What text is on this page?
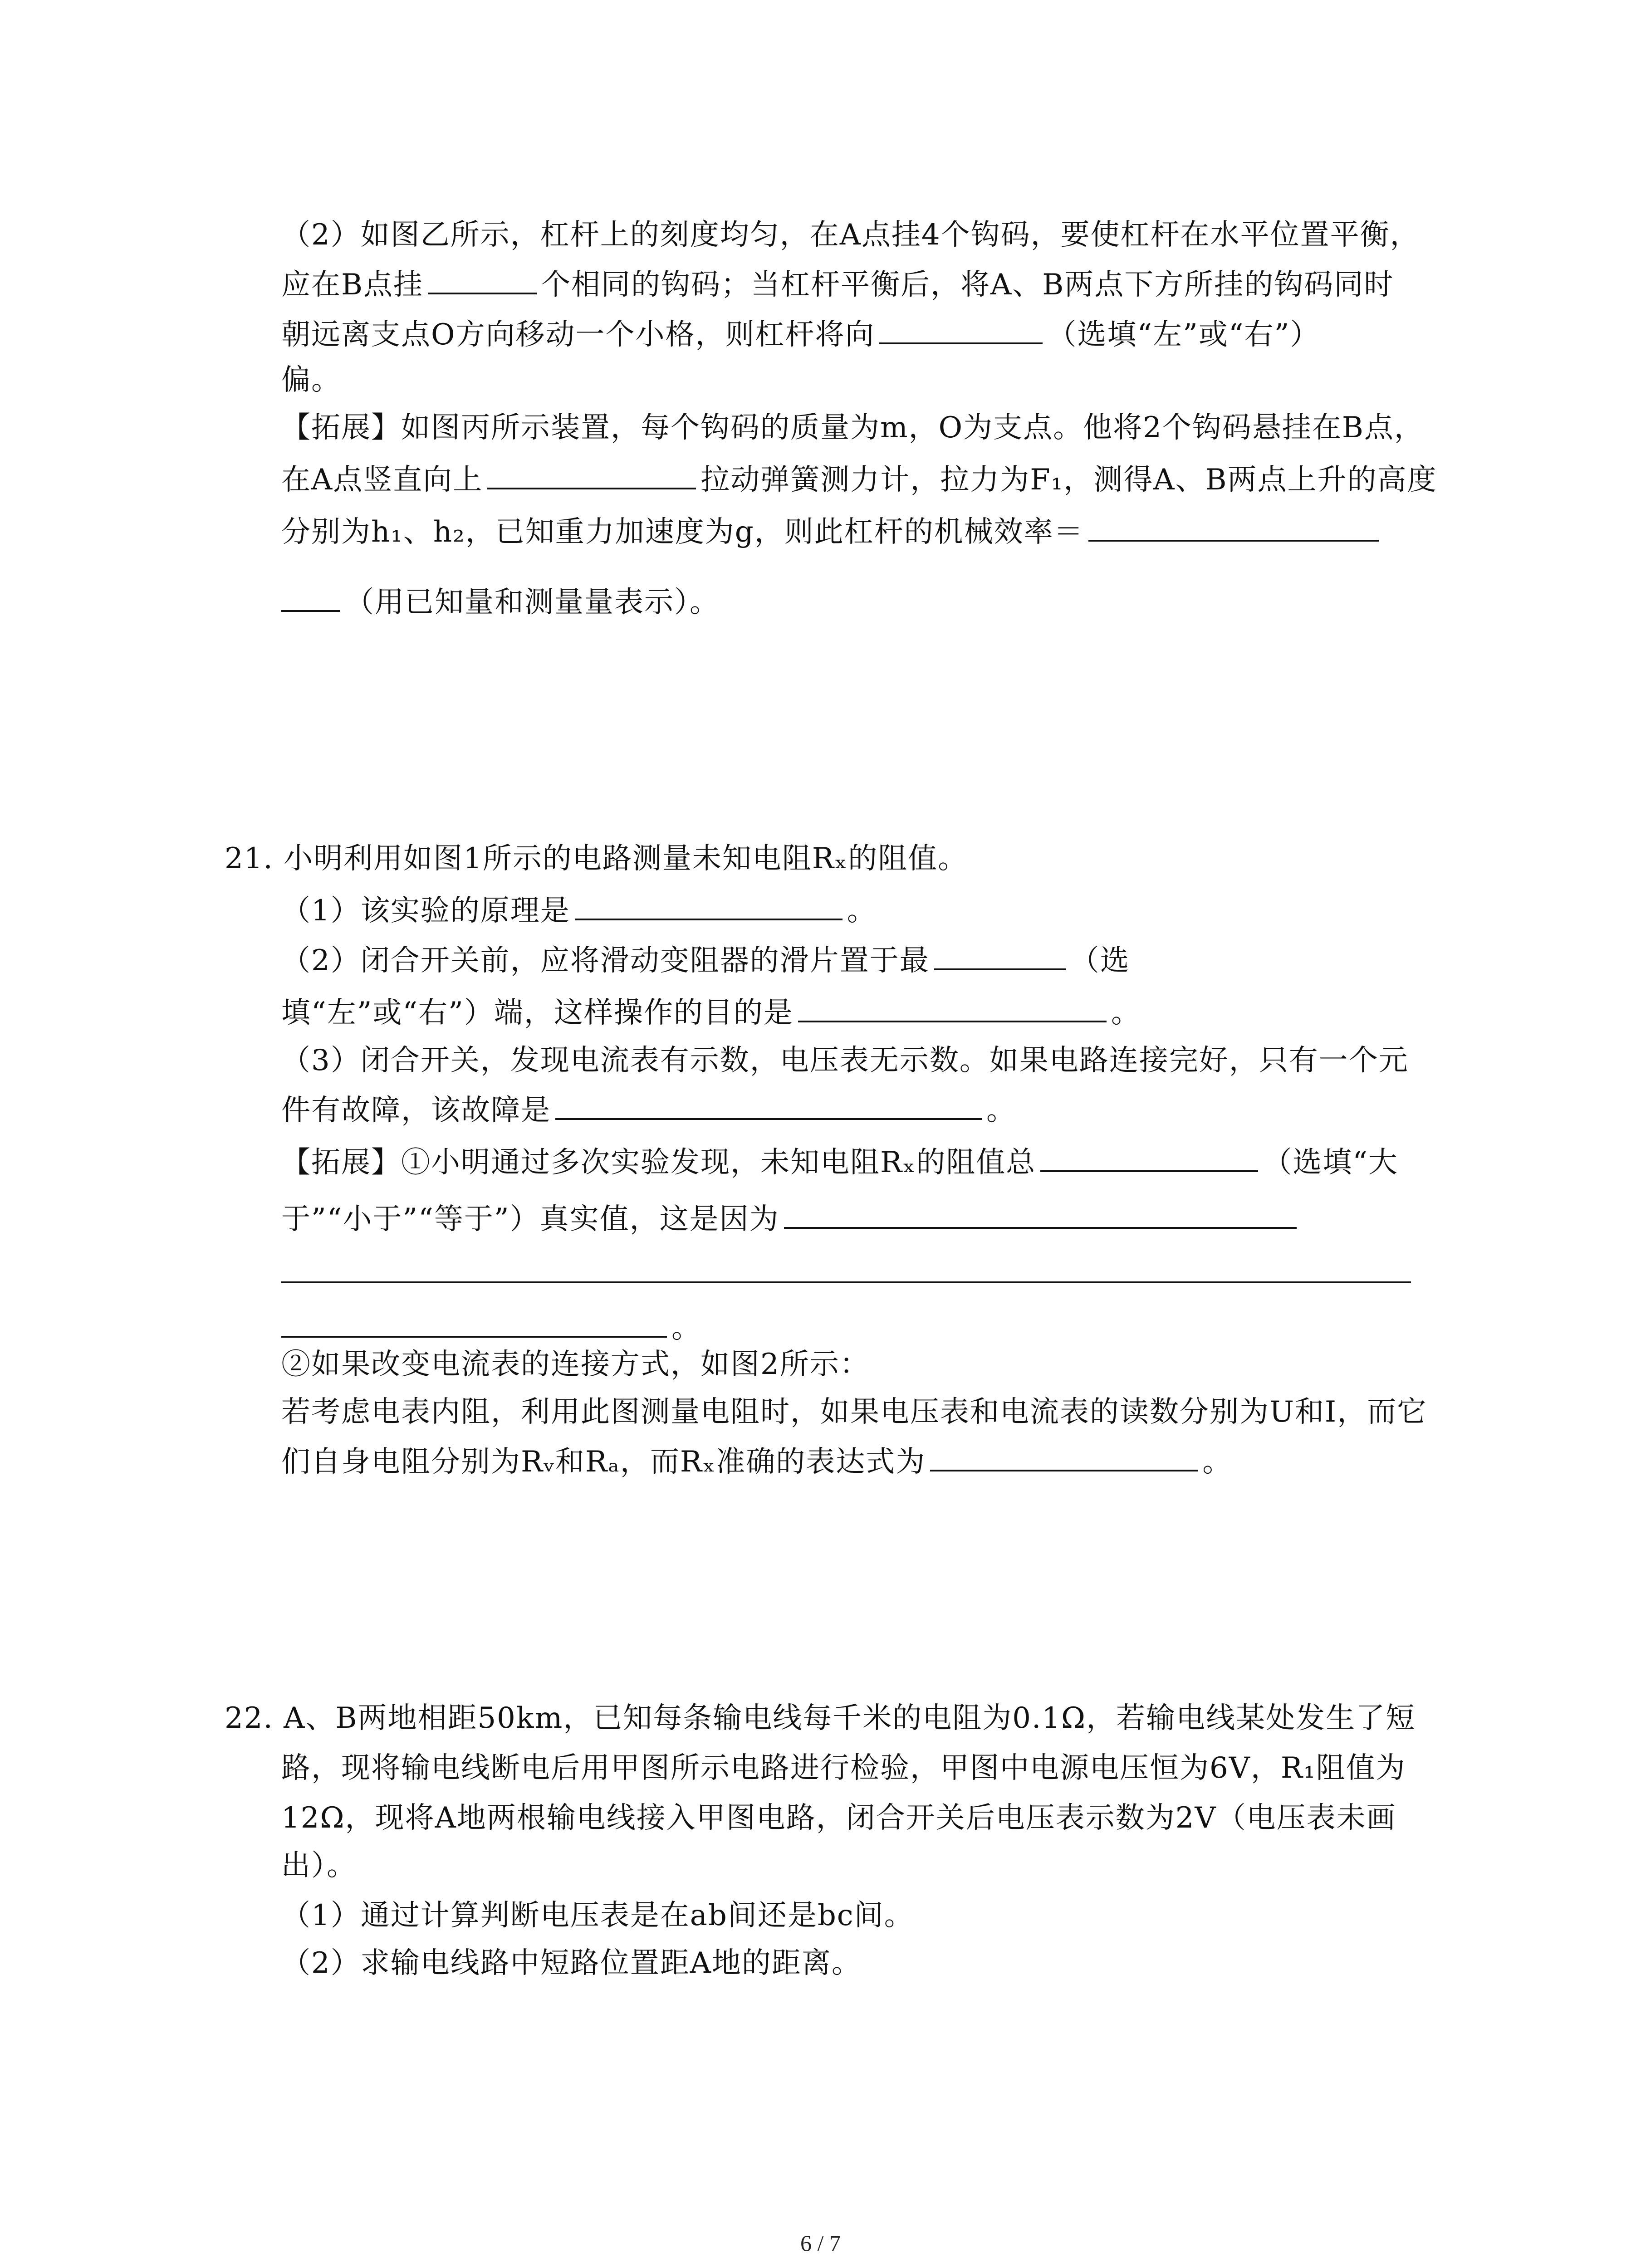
（2）如图乙所示，杠杆上的刻度均匀，在A点挂4个钩码，要使杠杆在水平位置平衡，
应在B点挂	个相同的钩码；当杠杆平衡后，将A、B两点下方所挂的钩码同时
朝远离支点O方向移动一个小格，则杠杆将向	（选填“左”或“右”）
偏。
【拓展】如图丙所示装置，每个钩码的质量为m，O为支点。他将2个钩码悬挂在B点，
在A点竖直向上	拉动弹簧测力计，拉力为F₁，测得A、B两点上升的高度
分别为h₁、h₂，已知重力加速度为g，则此杠杆的机械效率＝
（用已知量和测量量表示）。
21. 小明利用如图1所示的电路测量未知电阻Rₓ的阻值。
（1）该实验的原理是	。
（2）闭合开关前，应将滑动变阻器的滑片置于最	（选
填“左”或“右”）端，这样操作的目的是	。
（3）闭合开关，发现电流表有示数，电压表无示数。如果电路连接完好，只有一个元
件有故障，该故障是	。
【拓展】①小明通过多次实验发现，未知电阻Rₓ的阻值总	（选填“大
于”“小于”“等于”）真实值，这是因为
。
②如果改变电流表的连接方式，如图2所示：
若考虑电表内阻，利用此图测量电阻时，如果电压表和电流表的读数分别为U和I，而它
们自身电阻分别为Rᵥ和Rₐ，而Rₓ准确的表达式为	。
22. A、B两地相距50km，已知每条输电线每千米的电阻为0.1Ω，若输电线某处发生了短
路，现将输电线断电后用甲图所示电路进行检验，甲图中电源电压恒为6V，R₁阻值为
12Ω，现将A地两根输电线接入甲图电路，闭合开关后电压表示数为2V（电压表未画
出）。
（1）通过计算判断电压表是在ab间还是bc间。
（2）求输电线路中短路位置距A地的距离。
6 / 7
